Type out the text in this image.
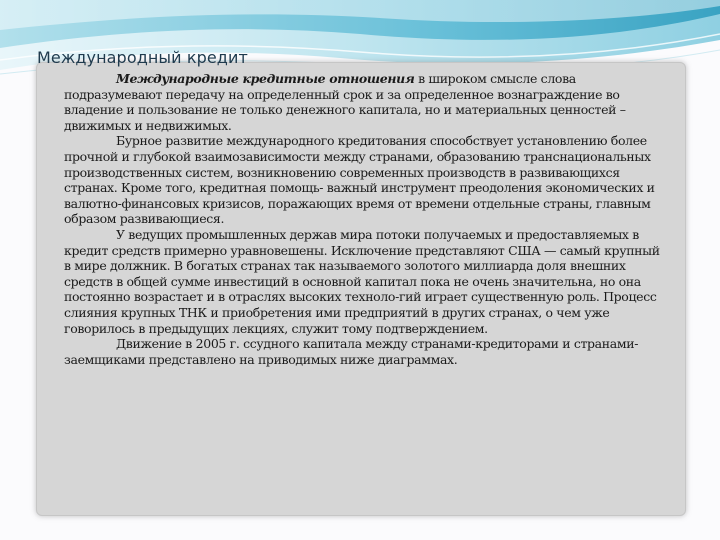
Международный кредит

Международные кредитные отношения в широком смысле слова подразумевают передачу на определенный срок и за определенное вознаграждение во владение и пользование не только денежного капитала, но и материальных ценностей – движимых и недвижимых.

Бурное развитие международного кредитования способствует установлению более прочной и глубокой взаимозависимости между странами, образованию транснациональных производственных систем, возникновению современных производств в развивающихся странах. Кроме того, кредитная помощь- важный инструмент преодоления экономических и валютно-финансовых кризисов, поражающих время от времени отдельные страны, главным образом развивающиеся.

У ведущих промышленных держав мира потоки получаемых и предоставляемых в кредит средств примерно уравновешены. Исключение представляют США — самый крупный в мире должник. В богатых странах так называемого золотого миллиарда доля внешних средств в общей сумме инвестиций в основной капитал пока не очень значительна, но она постоянно возрастает и в отраслях высоких техноло-гий играет существенную роль. Процесс слияния крупных ТНК и приобретения ими предприятий в других странах, о чем уже говорилось в предыдущих лекциях, служит тому подтверждением.

Движение в 2005 г. ссудного капитала между странами-кредиторами и странами-заемщиками представлено на приводимых ниже диаграммах.
